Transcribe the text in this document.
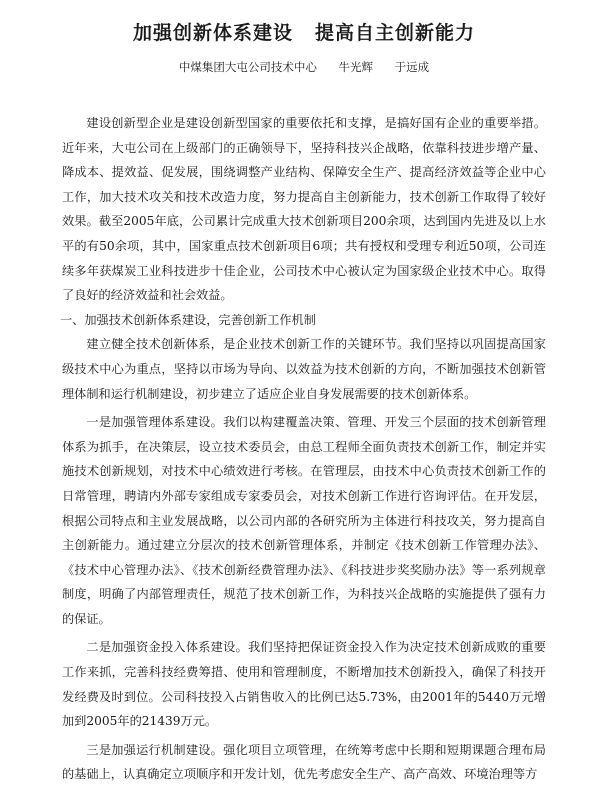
加强创新体系建设 提高自主创新能力
中煤集团大屯公司技术中心 牛光辉 于远成

建设创新型企业是建设创新型国家的重要依托和支撑，是搞好国有企业的重要举措。近年来，大屯公司在上级部门的正确领导下，坚持科技兴企战略，依靠科技进步增产量、降成本、提效益、促发展，围绕调整产业结构、保障安全生产、提高经济效益等企业中心工作，加大技术攻关和技术改造力度，努力提高自主创新能力，技术创新工作取得了较好效果。截至2005年底，公司累计完成重大技术创新项目200余项，达到国内先进及以上水平的有50余项，其中，国家重点技术创新项目6项；共有授权和受理专利近50项，公司连续多年获煤炭工业科技进步十佳企业，公司技术中心被认定为国家级企业技术中心。取得了良好的经济效益和社会效益。

一、加强技术创新体系建设，完善创新工作机制

建立健全技术创新体系，是企业技术创新工作的关键环节。我们坚持以巩固提高国家级技术中心为重点，坚持以市场为导向、以效益为技术创新的方向，不断加强技术创新管理体制和运行机制建设，初步建立了适应企业自身发展需要的技术创新体系。

一是加强管理体系建设。我们以构建覆盖决策、管理、开发三个层面的技术创新管理体系为抓手，在决策层，设立技术委员会，由总工程师全面负责技术创新工作，制定并实施技术创新规划，对技术中心绩效进行考核。在管理层，由技术中心负责技术创新工作的日常管理，聘请内外部专家组成专家委员会，对技术创新工作进行咨询评估。在开发层，根据公司特点和主业发展战略，以公司内部的各研究所为主体进行科技攻关，努力提高自主创新能力。通过建立分层次的技术创新管理体系，并制定《技术创新工作管理办法》、《技术中心管理办法》、《技术创新经费管理办法》、《科技进步奖奖励办法》等一系列规章制度，明确了内部管理责任，规范了技术创新工作，为科技兴企战略的实施提供了强有力的保证。

二是加强资金投入体系建设。我们坚持把保证资金投入作为决定技术创新成败的重要工作来抓，完善科技经费筹措、使用和管理制度，不断增加技术创新投入，确保了科技开发经费及时到位。公司科技投入占销售收入的比例已达5.73%，由2001年的5440万元增加到2005年的21439万元。

三是加强运行机制建设。强化项目立项管理，在统筹考虑中长期和短期课题合理布局的基础上，认真确定立项顺序和开发计划，优先考虑安全生产、高产高效、环境治理等方
